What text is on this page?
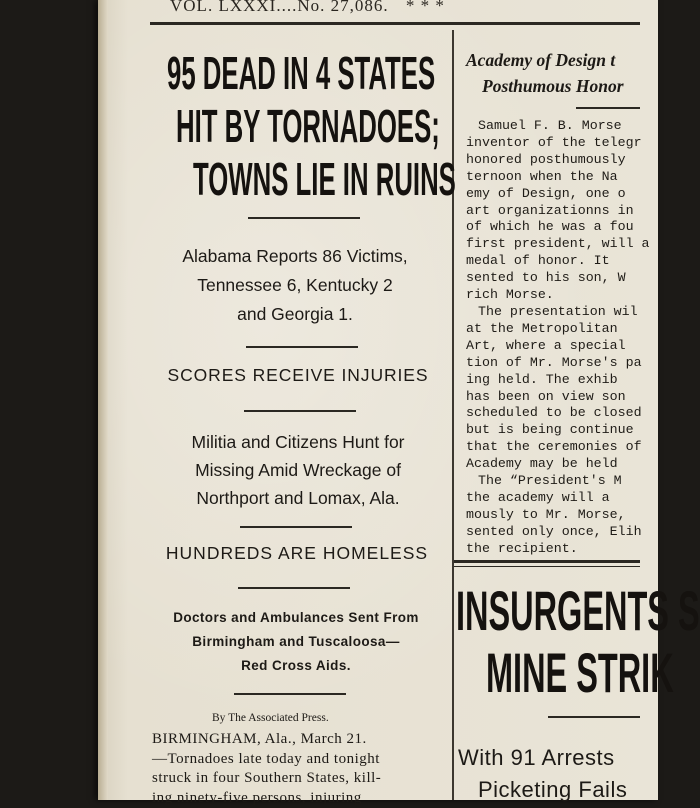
VOL. LXXXI....No. 27,086. * * *
95 DEAD IN 4 STATES
HIT BY TORNADOES;
TOWNS LIE IN RUINS
Alabama Reports 86 Victims,
Tennessee 6, Kentucky 2
and Georgia 1.
SCORES RECEIVE INJURIES
Militia and Citizens Hunt for
Missing Amid Wreckage of
Northport and Lomax, Ala.
HUNDREDS ARE HOMELESS
Doctors and Ambulances Sent From
Birmingham and Tuscaloosa—
Red Cross Aids.
By The Associated Press.
BIRMINGHAM, Ala., March 21.
—Tornadoes late today and tonight
struck in four Southern States, kill-
ing ninety-five persons, injuring
Academy of Design t
Posthumous Honor
Samuel F. B. Morse
inventor of the telegr
honored posthumously
ternoon when the Na
emy of Design, one o
art organizationns in
of which he was a fou
first president, will a
medal of honor. It
sented to his son, W
rich Morse.
The presentation wil
at the Metropolitan
Art, where a special
tion of Mr. Morse's pa
ing held. The exhib
has been on view son
scheduled to be closed
but is being continue
that the ceremonies of
Academy may be held
The “President's M
the academy will a
mously to Mr. Morse,
sented only once, Elih
the recipient.
INSURGENTS S
MINE STRIK
With 91 Arrests
Picketing Fails
